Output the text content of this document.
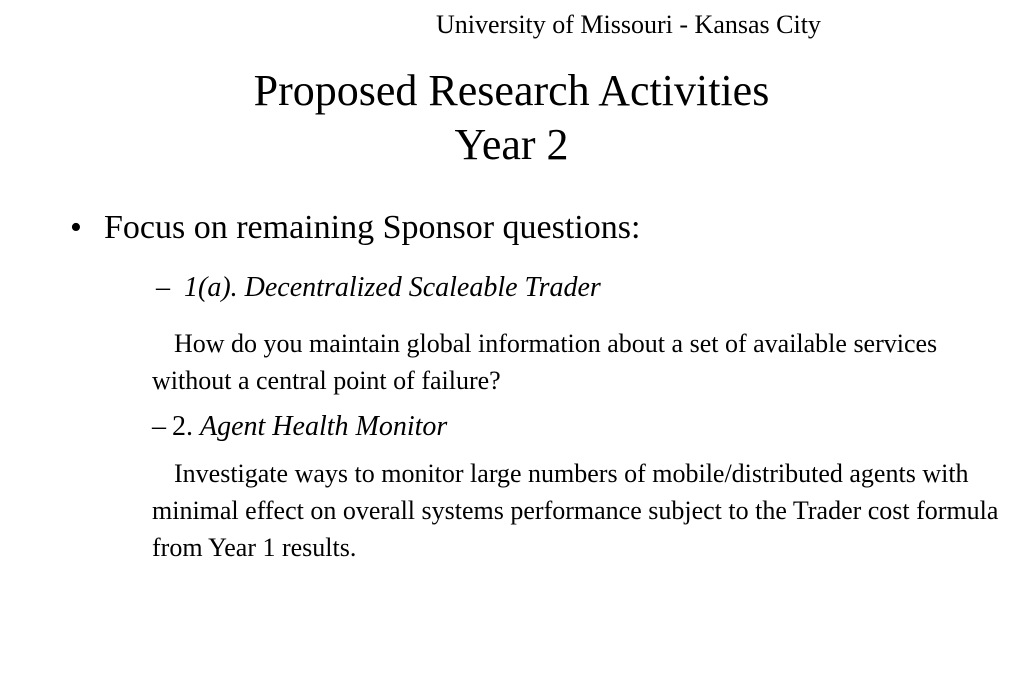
University of Missouri - Kansas City
Proposed Research Activities
Year 2
• Focus on remaining Sponsor questions:
– 1(a). Decentralized Scaleable Trader
How do you maintain global information about a set of available services without a central point of failure?
– 2. Agent Health Monitor
Investigate ways to monitor large numbers of mobile/distributed agents with minimal effect on overall systems performance subject to the Trader cost formula from Year 1 results.
